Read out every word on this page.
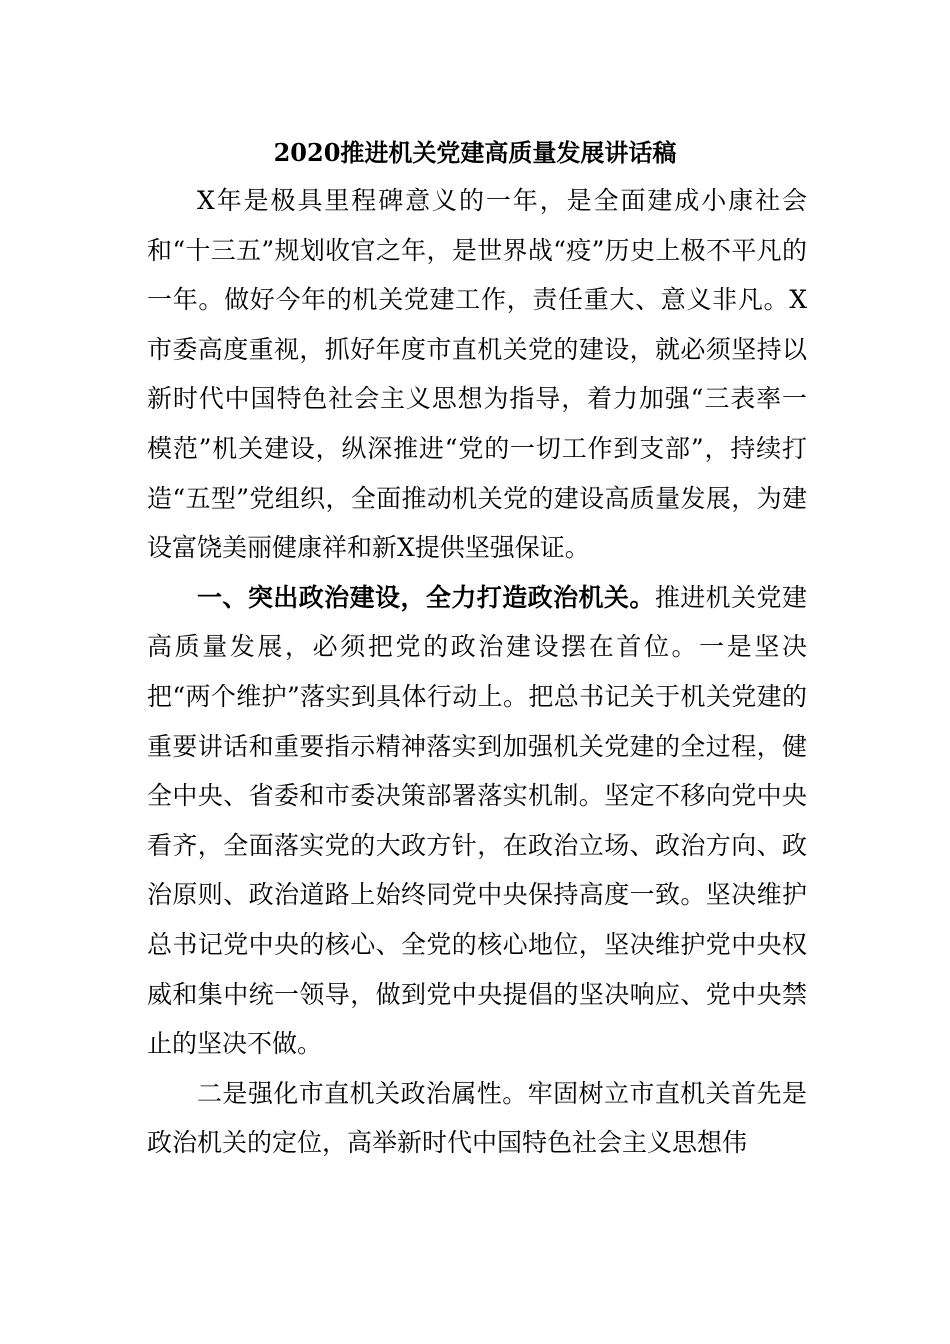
2020推进机关党建高质量发展讲话稿

X年是极具里程碑意义的一年，是全面建成小康社会和“十三五”规划收官之年，是世界战“疫”历史上极不平凡的一年。做好今年的机关党建工作，责任重大、意义非凡。X市委高度重视，抓好年度市直机关党的建设，就必须坚持以新时代中国特色社会主义思想为指导，着力加强“三表率一模范”机关建设，纵深推进“党的一切工作到支部”，持续打造“五型”党组织，全面推动机关党的建设高质量发展，为建设富饶美丽健康祥和新X提供坚强保证。

一、突出政治建设，全力打造政治机关。推进机关党建高质量发展，必须把党的政治建设摆在首位。一是坚决把“两个维护”落实到具体行动上。把总书记关于机关党建的重要讲话和重要指示精神落实到加强机关党建的全过程，健全中央、省委和市委决策部署落实机制。坚定不移向党中央看齐，全面落实党的大政方针，在政治立场、政治方向、政治原则、政治道路上始终同党中央保持高度一致。坚决维护总书记党中央的核心、全党的核心地位，坚决维护党中央权威和集中统一领导，做到党中央提倡的坚决响应、党中央禁止的坚决不做。

二是强化市直机关政治属性。牢固树立市直机关首先是政治机关的定位，高举新时代中国特色社会主义思想伟
